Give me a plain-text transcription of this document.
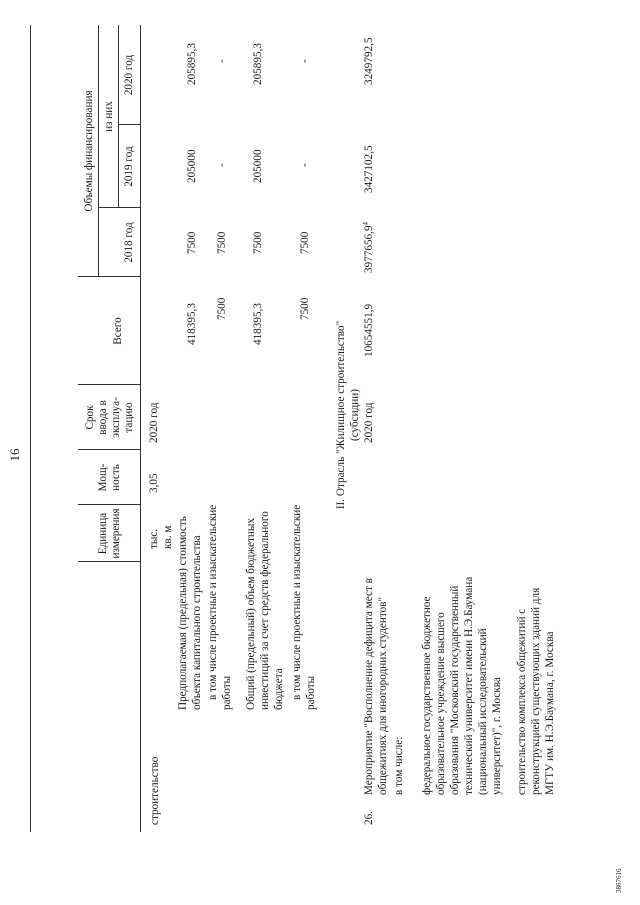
16
3867616
Единица измерения
Мощ- ность
Срок ввода в эксплуа- тацию
Всего
Объемы финансирования из них
2018 год
2019 год
2020 год
строительство
тыс. кв. м
3,05
2020 год
Предполагаемая (предельная) стоимость объекта капитального строительства
418395,3
7500
205000
205895,3
в том числе проектные и изыскательские работы
7500
7500
-
-
Общий (предельный) объем бюджетных инвестиций за счет средств федерального бюджета
418395,3
7500
205000
205895,3
в том числе проектные и изыскательские работы
7500
7500
-
-
II. Отрасль "Жилищное строительство" (субсидии)
26.
Мероприятие "Восполнение дефицита мест в общежитиях для иногородних студентов"
2020 год
10654551,9
3977656,9$^4$
3427102,5
3249792,5
в том числе: федеральное государственное бюджетное образовательное учреждение высшего образования "Московский государственный технический университет имени Н.Э.Баумана (национальный исследовательский университет)", г. Москва строительство комплекса общежитий с реконструкцией существующих зданий для МГТУ им. Н.Э.Баумана, г. Москва
